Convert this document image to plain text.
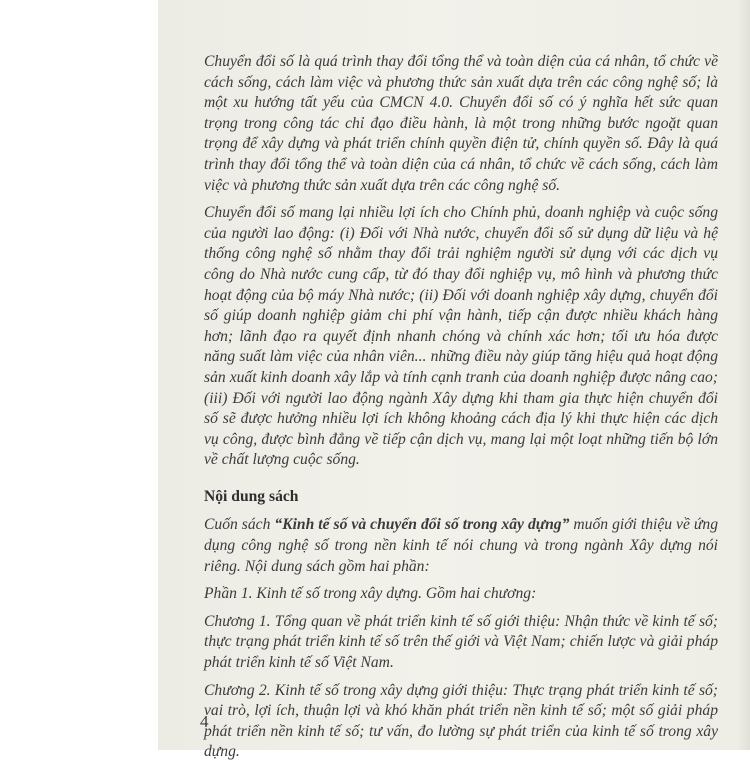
Chuyển đổi số là quá trình thay đổi tổng thể và toàn diện của cá nhân, tổ chức về cách sống, cách làm việc và phương thức sản xuất dựa trên các công nghệ số; là một xu hướng tất yếu của CMCN 4.0. Chuyển đổi số có ý nghĩa hết sức quan trọng trong công tác chỉ đạo điều hành, là một trong những bước ngoặt quan trọng để xây dựng và phát triển chính quyền điện tử, chính quyền số. Đây là quá trình thay đổi tổng thể và toàn diện của cá nhân, tổ chức về cách sống, cách làm việc và phương thức sản xuất dựa trên các công nghệ số.

Chuyển đổi số mang lại nhiều lợi ích cho Chính phủ, doanh nghiệp và cuộc sống của người lao động: (i) Đối với Nhà nước, chuyển đổi số sử dụng dữ liệu và hệ thống công nghệ số nhằm thay đổi trải nghiệm người sử dụng với các dịch vụ công do Nhà nước cung cấp, từ đó thay đổi nghiệp vụ, mô hình và phương thức hoạt động của bộ máy Nhà nước; (ii) Đối với doanh nghiệp xây dựng, chuyển đổi số giúp doanh nghiệp giảm chi phí vận hành, tiếp cận được nhiều khách hàng hơn; lãnh đạo ra quyết định nhanh chóng và chính xác hơn; tối ưu hóa được năng suất làm việc của nhân viên... những điều này giúp tăng hiệu quả hoạt động sản xuất kinh doanh xây lắp và tính cạnh tranh của doanh nghiệp được nâng cao; (iii) Đối với người lao động ngành Xây dựng khi tham gia thực hiện chuyển đổi số sẽ được hưởng nhiều lợi ích không khoảng cách địa lý khi thực hiện các dịch vụ công, được bình đẳng về tiếp cận dịch vụ, mang lại một loạt những tiến bộ lớn về chất lượng cuộc sống.

Nội dung sách

Cuốn sách “Kinh tế số và chuyển đổi số trong xây dựng” muốn giới thiệu về ứng dụng công nghệ số trong nền kinh tế nói chung và trong ngành Xây dựng nói riêng. Nội dung sách gồm hai phần:

Phần 1. Kinh tế số trong xây dựng. Gồm hai chương:

Chương 1. Tổng quan về phát triển kinh tế số giới thiệu: Nhận thức về kinh tế số; thực trạng phát triển kinh tế số trên thế giới và Việt Nam; chiến lược và giải pháp phát triển kinh tế số Việt Nam.

Chương 2. Kinh tế số trong xây dựng giới thiệu: Thực trạng phát triển kinh tế số; vai trò, lợi ích, thuận lợi và khó khăn phát triển nền kinh tế số; một số giải pháp phát triển nền kinh tế số; tư vấn, đo lường sự phát triển của kinh tế số trong xây dựng.

4
